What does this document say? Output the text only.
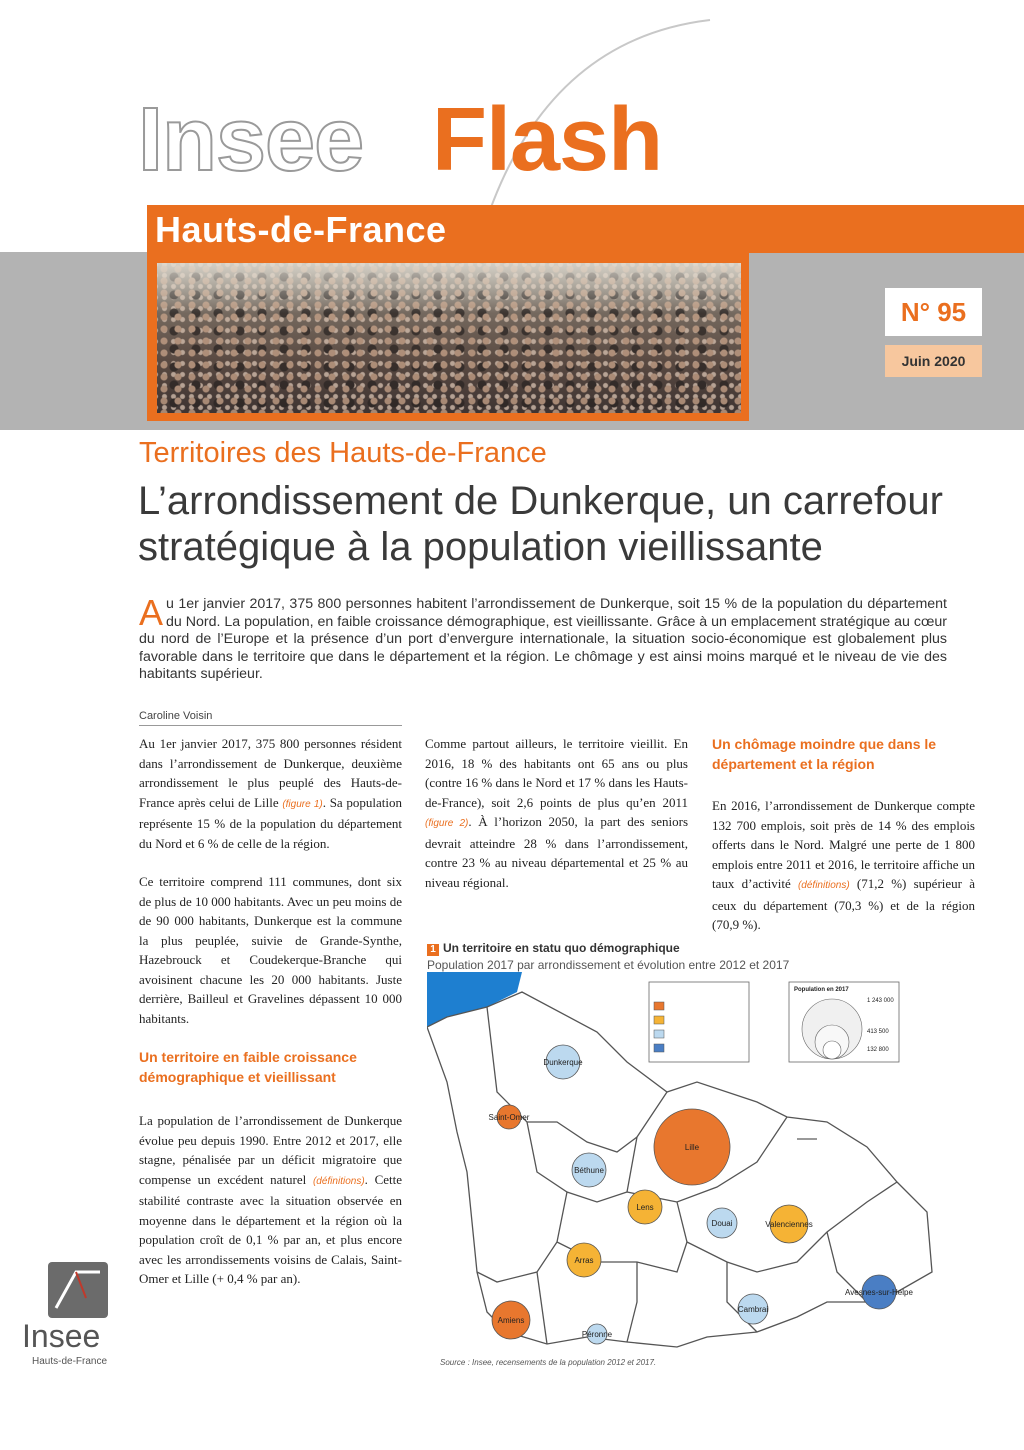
Insee Flash
Hauts-de-France
N° 95
Juin 2020
Territoires des Hauts-de-France
L’arrondissement de Dunkerque, un carrefour stratégique à la population vieillissante
Au 1er janvier 2017, 375 800 personnes habitent l’arrondissement de Dunkerque, soit 15 % de la population du département du Nord. La population, en faible croissance démographique, est vieillissante. Grâce à un emplacement stratégique au cœur du nord de l’Europe et la présence d’un port d’envergure internationale, la situation socio-économique est globalement plus favorable dans le territoire que dans le département et la région. Le chômage y est ainsi moins marqué et le niveau de vie des habitants supérieur.
Caroline Voisin

Au 1er janvier 2017, 375 800 personnes résident dans l’arrondissement de Dunkerque, deuxième arrondissement le plus peuplé des Hauts-de-France après celui de Lille (figure 1). Sa population représente 15 % de la population du département du Nord et 6 % de celle de la région.

Ce territoire comprend 111 communes, dont six de plus de 10 000 habitants. Avec un peu moins de de 90 000 habitants, Dunkerque est la commune la plus peuplée, suivie de Grande-Synthe, Hazebrouck et Coudekerque-Branche qui avoisinent chacune les 20 000 habitants. Juste derrière, Bailleul et Gravelines dépassent 10 000 habitants.

Un territoire en faible croissance démographique et vieillissant

La population de l’arrondissement de Dunkerque évolue peu depuis 1990. Entre 2012 et 2017, elle stagne, pénalisée par un déficit migratoire que compense un excédent naturel (définitions). Cette stabilité contraste avec la situation observée en moyenne dans le département et la région où la population croît de 0,1 % par an, et plus encore avec les arrondissements voisins de Calais, Saint-Omer et Lille (+ 0,4 % par an).

Comme partout ailleurs, le territoire vieillit. En 2016, 18 % des habitants ont 65 ans ou plus (contre 16 % dans le Nord et 17 % dans les Hauts-de-France), soit 2,6 points de plus qu’en 2011 (figure 2). À l’horizon 2050, la part des seniors devrait atteindre 28 % dans l’arrondissement, contre 23 % au niveau départemental et 25 % au niveau régional.

Un chômage moindre que dans le département et la région

En 2016, l’arrondissement de Dunkerque compte 132 700 emplois, soit près de 14 % des emplois offerts dans le Nord. Malgré une perte de 1 800 emplois entre 2011 et 2016, le territoire affiche un taux d’activité (définitions) (71,2 %) supérieur à ceux du département (70,3 %) et de la région (70,9 %).

1 Un territoire en statu quo démographique
Population 2017 par arrondissement et évolution entre 2012 et 2017
Dunkerque
Saint-Omer
Lille
Béthune
Lens
Douai	Valenciennes
Arras
Avesnes-sur-Helpe
Cambrai
Amiens
Péronne
Population en 2017
1 243 000
413 500
132 800
Source : Insee, recensements de la population 2012 et 2017.
Insee
Hauts-de-France
